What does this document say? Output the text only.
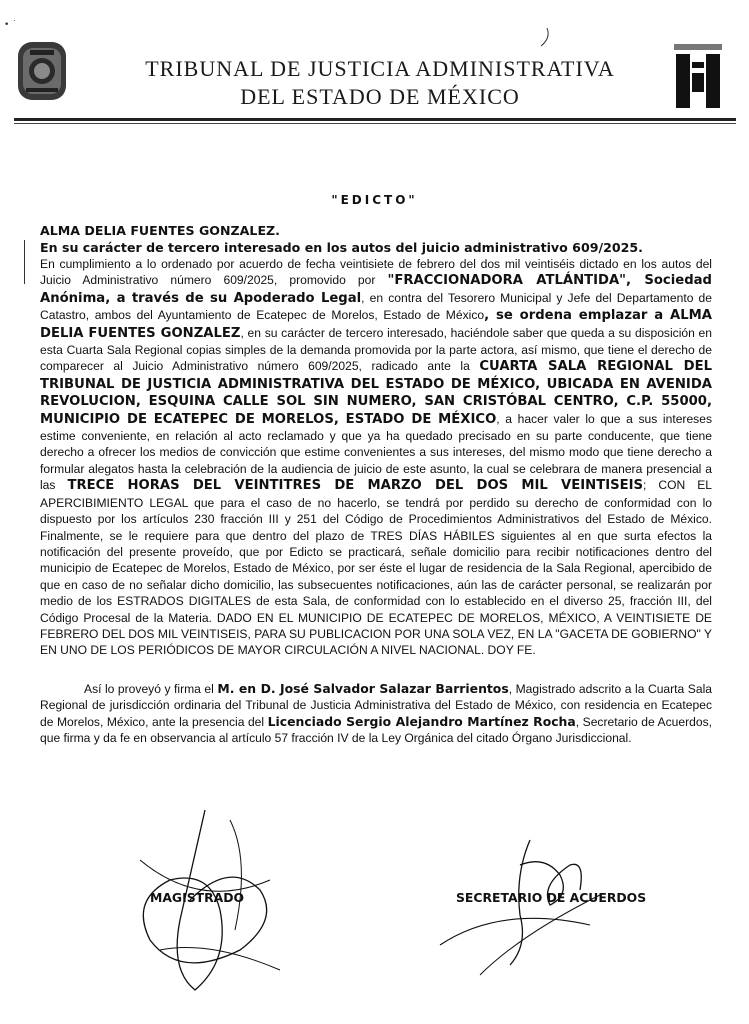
• ˙
TRIBUNAL DE JUSTICIA ADMINISTRATIVA
DEL ESTADO DE MÉXICO
"EDICTO"

ALMA DELIA FUENTES GONZALEZ.

En su carácter de tercero interesado en los autos del juicio administrativo 609/2025.

En cumplimiento a lo ordenado por acuerdo de fecha veintisiete de febrero del dos mil veintiséis dictado en los autos del Juicio Administrativo número 609/2025, promovido por "FRACCIONADORA ATLÁNTIDA", Sociedad Anónima, a través de su Apoderado Legal, en contra del Tesorero Municipal y Jefe del Departamento de Catastro, ambos del Ayuntamiento de Ecatepec de Morelos, Estado de México, se ordena emplazar a ALMA DELIA FUENTES GONZALEZ, en su carácter de tercero interesado, haciéndole saber que queda a su disposición en esta Cuarta Sala Regional copias simples de la demanda promovida por la parte actora, así mismo, que tiene el derecho de comparecer al Juicio Administrativo número 609/2025, radicado ante la CUARTA SALA REGIONAL DEL TRIBUNAL DE JUSTICIA ADMINISTRATIVA DEL ESTADO DE MÉXICO, UBICADA EN AVENIDA REVOLUCION, ESQUINA CALLE SOL SIN NUMERO, SAN CRISTÓBAL CENTRO, C.P. 55000, MUNICIPIO DE ECATEPEC DE MORELOS, ESTADO DE MÉXICO, a hacer valer lo que a sus intereses estime conveniente, en relación al acto reclamado y que ya ha quedado precisado en su parte conducente, que tiene derecho a ofrecer los medios de convicción que estime convenientes a sus intereses, del mismo modo que tiene derecho a formular alegatos hasta la celebración de la audiencia de juicio de este asunto, la cual se celebrara de manera presencial a las TRECE HORAS DEL VEINTITRES DE MARZO DEL DOS MIL VEINTISEIS; CON EL APERCIBIMIENTO LEGAL que para el caso de no hacerlo, se tendrá por perdido su derecho de conformidad con lo dispuesto por los artículos 230 fracción III y 251 del Código de Procedimientos Administrativos del Estado de México. Finalmente, se le requiere para que dentro del plazo de TRES DÍAS HÁBILES siguientes al en que surta efectos la notificación del presente proveído, que por Edicto se practicará, señale domicilio para recibir notificaciones dentro del municipio de Ecatepec de Morelos, Estado de México, por ser éste el lugar de residencia de la Sala Regional, apercibido de que en caso de no señalar dicho domicilio, las subsecuentes notificaciones, aún las de carácter personal, se realizarán por medio de los ESTRADOS DIGITALES de esta Sala, de conformidad con lo establecido en el diverso 25, fracción III, del Código Procesal de la Materia. DADO EN EL MUNICIPIO DE ECATEPEC DE MORELOS, MÉXICO, A VEINTISIETE DE FEBRERO DEL DOS MIL VEINTISEIS, PARA SU PUBLICACION POR UNA SOLA VEZ, EN LA "GACETA DE GOBIERNO" Y EN UNO DE LOS PERIÓDICOS DE MAYOR CIRCULACIÓN A NIVEL NACIONAL. DOY FE.

Así lo proveyó y firma el M. en D. José Salvador Salazar Barrientos, Magistrado adscrito a la Cuarta Sala Regional de jurisdicción ordinaria del Tribunal de Justicia Administrativa del Estado de México, con residencia en Ecatepec de Morelos, México, ante la presencia del Licenciado Sergio Alejandro Martínez Rocha, Secretario de Acuerdos, que firma y da fe en observancia al artículo 57 fracción IV de la Ley Orgánica del citado Órgano Jurisdiccional.

MAGISTRADO	SECRETARIO DE ACUERDOS
